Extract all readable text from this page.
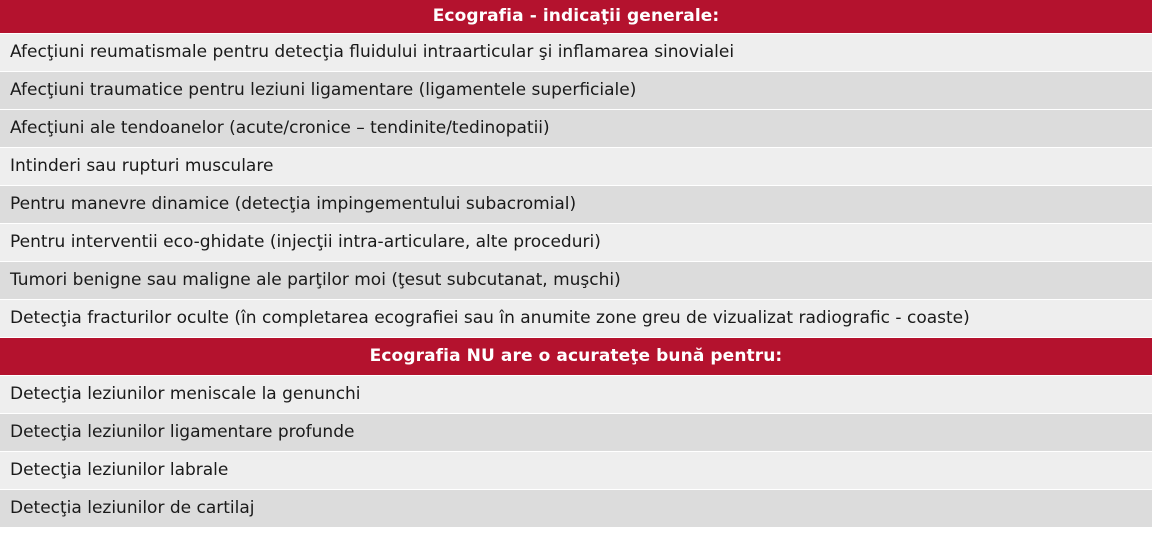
Ecografia - indicaţii generale:
Afecţiuni reumatismale pentru detecţia fluidului intraarticular şi inflamarea sinovialei
Afecţiuni traumatice pentru leziuni ligamentare (ligamentele superficiale)
Afecţiuni ale tendoanelor (acute/cronice – tendinite/tedinopatii)
Intinderi sau rupturi musculare
Pentru manevre dinamice (detecţia impingementului subacromial)
Pentru interventii eco-ghidate (injecţii intra-articulare, alte proceduri)
Tumori benigne sau maligne ale parţilor moi (ţesut subcutanat, muşchi)
Detecţia fracturilor oculte (în completarea ecografiei sau în anumite zone greu de vizualizat radiografic - coaste)
Ecografia NU are o acurateţe bună pentru:
Detecţia leziunilor meniscale la genunchi
Detecţia leziunilor ligamentare profunde
Detecţia leziunilor labrale
Detecţia leziunilor de cartilaj
